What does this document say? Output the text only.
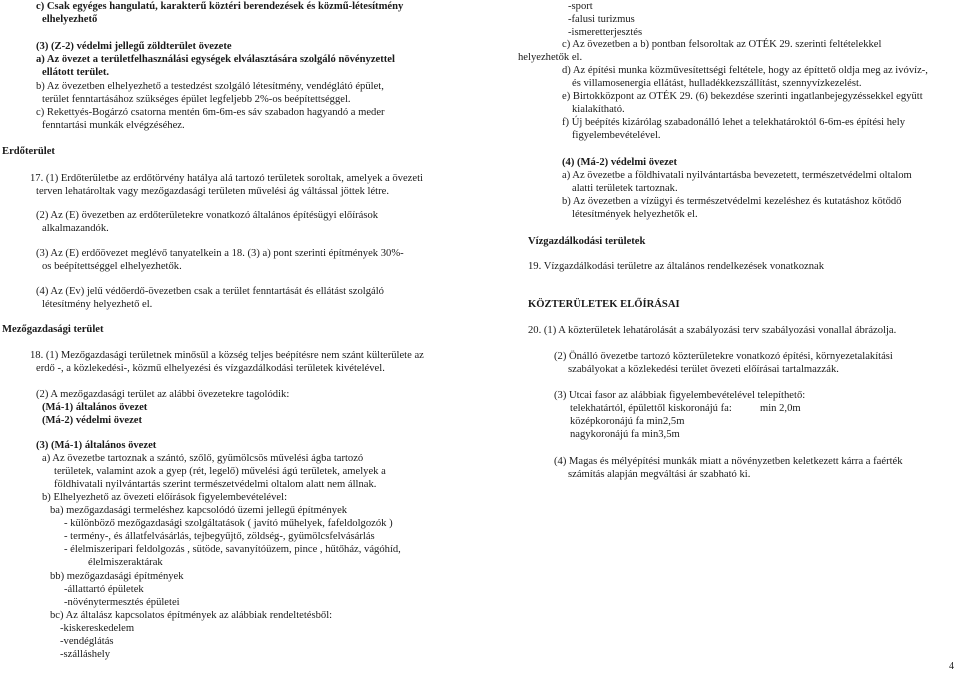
c) Csak egyéges hangulatú, karakterű köztéri berendezések és közmű-létesítmény
elhelyezhető
(3) (Z-2) védelmi jellegű zöldterület övezete
a) Az övezet a területfelhasználási egységek elválasztására szolgáló növényzettel
ellátott terület.
b) Az övezetben elhelyezhető a testedzést szolgáló létesítmény, vendéglátó épület,
terület fenntartásához szükséges épület legfeljebb 2%-os beépítettséggel.
c) Rekettyés-Bogárzó csatorna mentén 6m-6m-es sáv szabadon hagyandó a meder
fenntartási munkák elvégzéséhez.
Erdőterület
17. (1) Erdőterületbe az erdőtörvény hatálya alá tartozó területek soroltak, amelyek a övezeti
terven lehatároltak vagy mezőgazdasági területen művelési ág váltással jöttek létre.
(2) Az (E) övezetben az erdőterületekre vonatkozó általános építésügyi előírások
alkalmazandók.
(3) Az (E) erdőövezet meglévő tanyatelkein a 18. (3) a) pont szerinti építmények 30%-
os beépítettséggel elhelyezhetők.
(4) Az (Ev) jelű védőerdő-övezetben csak a terület fenntartását és ellátást szolgáló
létesítmény helyezhető el.
Mezőgazdasági terület
18. (1) Mezőgazdasági területnek minősül a község teljes beépítésre nem szánt külterülete az
erdő -, a közlekedési-, közmű elhelyezési és vízgazdálkodási területek kivételével.
(2) A mezőgazdasági terület az alábbi övezetekre tagolódik:
(Má-1) általános övezet
(Má-2) védelmi övezet
(3) (Má-1) általános övezet
a) Az övezetbe tartoznak a szántó, szőlő, gyümölcsös művelési ágba tartozó
területek, valamint azok a gyep (rét, legelő) művelési ágú területek, amelyek a
földhivatali nyilvántartás szerint természetvédelmi oltalom alatt nem állnak.
b) Elhelyezhető az övezeti előírások figyelembevételével:
ba) mezőgazdasági termeléshez kapcsolódó üzemi jellegű építmények
- különböző mezőgazdasági szolgáltatások ( javító műhelyek, fafeldolgozók )
- termény-, és állatfelvásárlás, tejbegyűjtő, zöldség-, gyümölcsfelvásárlás
- élelmiszeripari feldolgozás , sütöde, savanyítóüzem, pince , hűtőház, vágóhíd,
élelmiszeraktárak
bb) mezőgazdasági építmények
-állattartó épületek
-növénytermesztés épületei
bc) Az általász kapcsolatos építmények az alábbiak rendeltetésből:
-kiskereskedelem
-vendéglátás
-szálláshely
-sport
-falusi turizmus
-ismeretterjesztés
c) Az övezetben a b) pontban felsoroltak az OTÉK 29. szerinti feltételekkel
helyezhetők el.
d) Az építési munka közművesítettségi feltétele, hogy az építtető oldja meg az ivóvíz-,
és villamosenergia ellátást, hulladékkezszállítást, szennyvízkezelést.
e) Birtokközpont az OTÉK 29. (6) bekezdése szerinti ingatlanbejegyzéssekkel együtt
kialakítható.
f) Új beépítés kizárólag szabadonálló lehet a telekhatároktól 6-6m-es építési hely
figyelembevételével.
(4) (Má-2) védelmi övezet
a) Az övezetbe a földhivatali nyilvántartásba bevezetett, természetvédelmi oltalom
alatti területek tartoznak.
b) Az övezetben a vízügyi és természetvédelmi kezeléshez és kutatáshoz kötődő
létesítmények helyezhetők el.
Vízgazdálkodási területek
19. Vízgazdálkodási területre az általános rendelkezések vonatkoznak
KÖZTERÜLETEK ELŐÍRÁSAI
20. (1) A közterületek lehatárolását a szabályozási terv szabályozási vonallal ábrázolja.
(2) Önálló övezetbe tartozó közterületekre vonatkozó építési, környezetalakítási
szabályokat a közlekedési terület övezeti előírásai tartalmazzák.
(3) Utcai fasor az alábbiak figyelembevételével telepíthető:
telekhatártól, épülettől kiskoronájú fa:	min 2,0m
középkoronájú fa min2,5m
nagykoronájú fa min3,5m
(4) Magas és mélyépítési munkák miatt a növényzetben keletkezett kárra a faérték
számítás alapján megváltási ár szabható ki.
4
